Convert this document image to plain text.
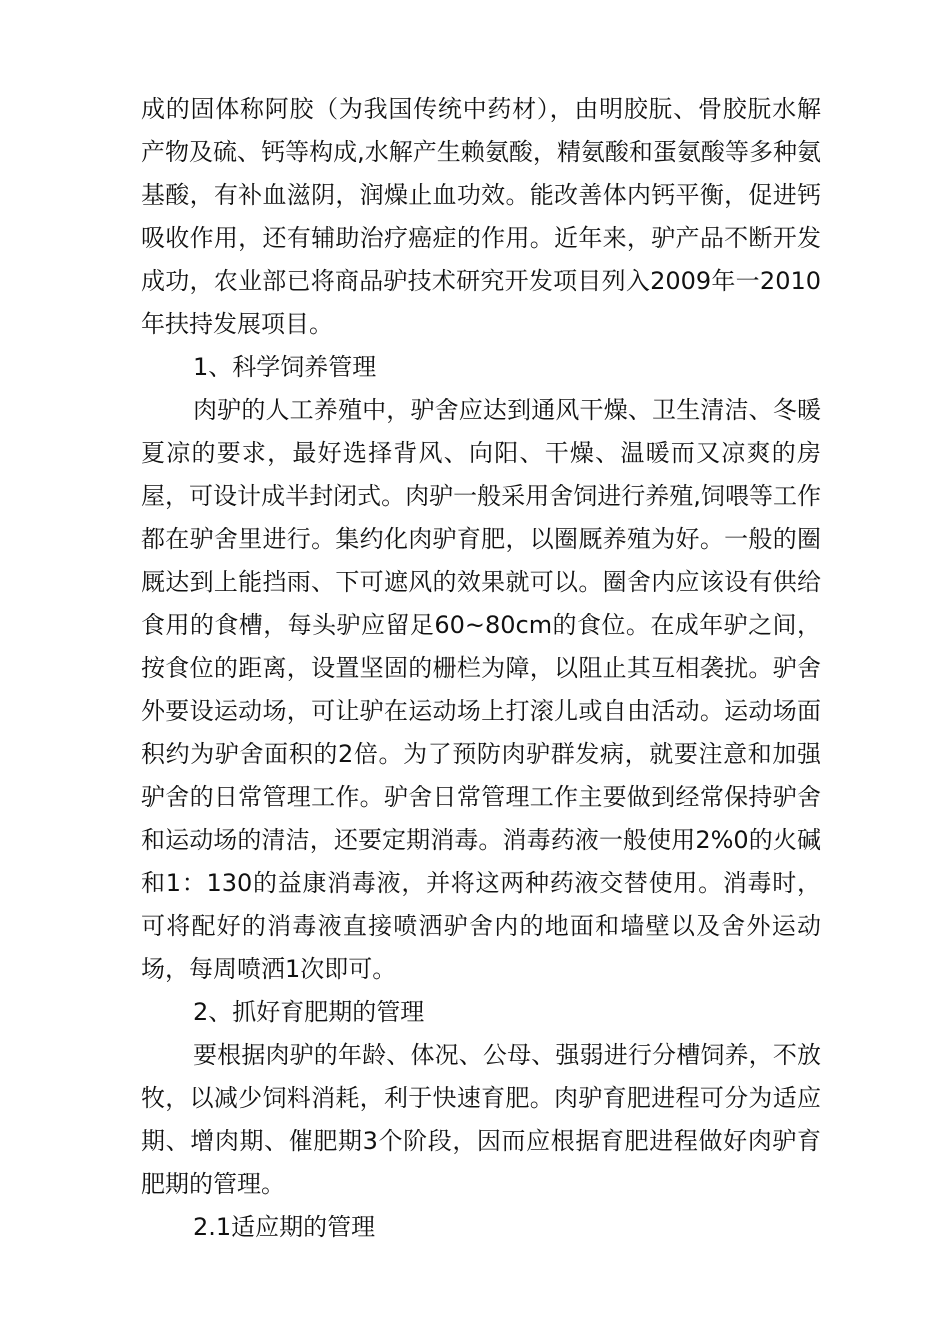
成的固体称阿胶（为我国传统中药材），由明胶朊、骨胶朊水解产物及硫、钙等构成,水解产生赖氨酸，精氨酸和蛋氨酸等多种氨基酸，有补血滋阴，润燥止血功效。能改善体内钙平衡，促进钙吸收作用，还有辅助治疗癌症的作用。近年来，驴产品不断开发成功，农业部已将商品驴技术研究开发项目列入2009年一2010年扶持发展项目。

1、科学饲养管理

肉驴的人工养殖中，驴舍应达到通风干燥、卫生清洁、冬暖夏凉的要求，最好选择背风、向阳、干燥、温暖而又凉爽的房屋，可设计成半封闭式。肉驴一般采用舍饲进行养殖,饲喂等工作都在驴舍里进行。集约化肉驴育肥，以圈厩养殖为好。一般的圈厩达到上能挡雨、下可遮风的效果就可以。圈舍内应该设有供给食用的食槽，每头驴应留足60~80cm的食位。在成年驴之间，按食位的距离，设置坚固的栅栏为障，以阻止其互相袭扰。驴舍外要设运动场，可让驴在运动场上打滚儿或自由活动。运动场面积约为驴舍面积的2倍。为了预防肉驴群发病，就要注意和加强驴舍的日常管理工作。驴舍日常管理工作主要做到经常保持驴舍和运动场的清洁，还要定期消毒。消毒药液一般使用2%0的火碱和1：130的益康消毒液，并将这两种药液交替使用。消毒时，可将配好的消毒液直接喷洒驴舍内的地面和墙壁以及舍外运动场，每周喷洒1次即可。

2、抓好育肥期的管理

要根据肉驴的年龄、体况、公母、强弱进行分槽饲养，不放牧，以减少饲料消耗，利于快速育肥。肉驴育肥进程可分为适应期、增肉期、催肥期3个阶段，因而应根据育肥进程做好肉驴育肥期的管理。

2.1适应期的管理
